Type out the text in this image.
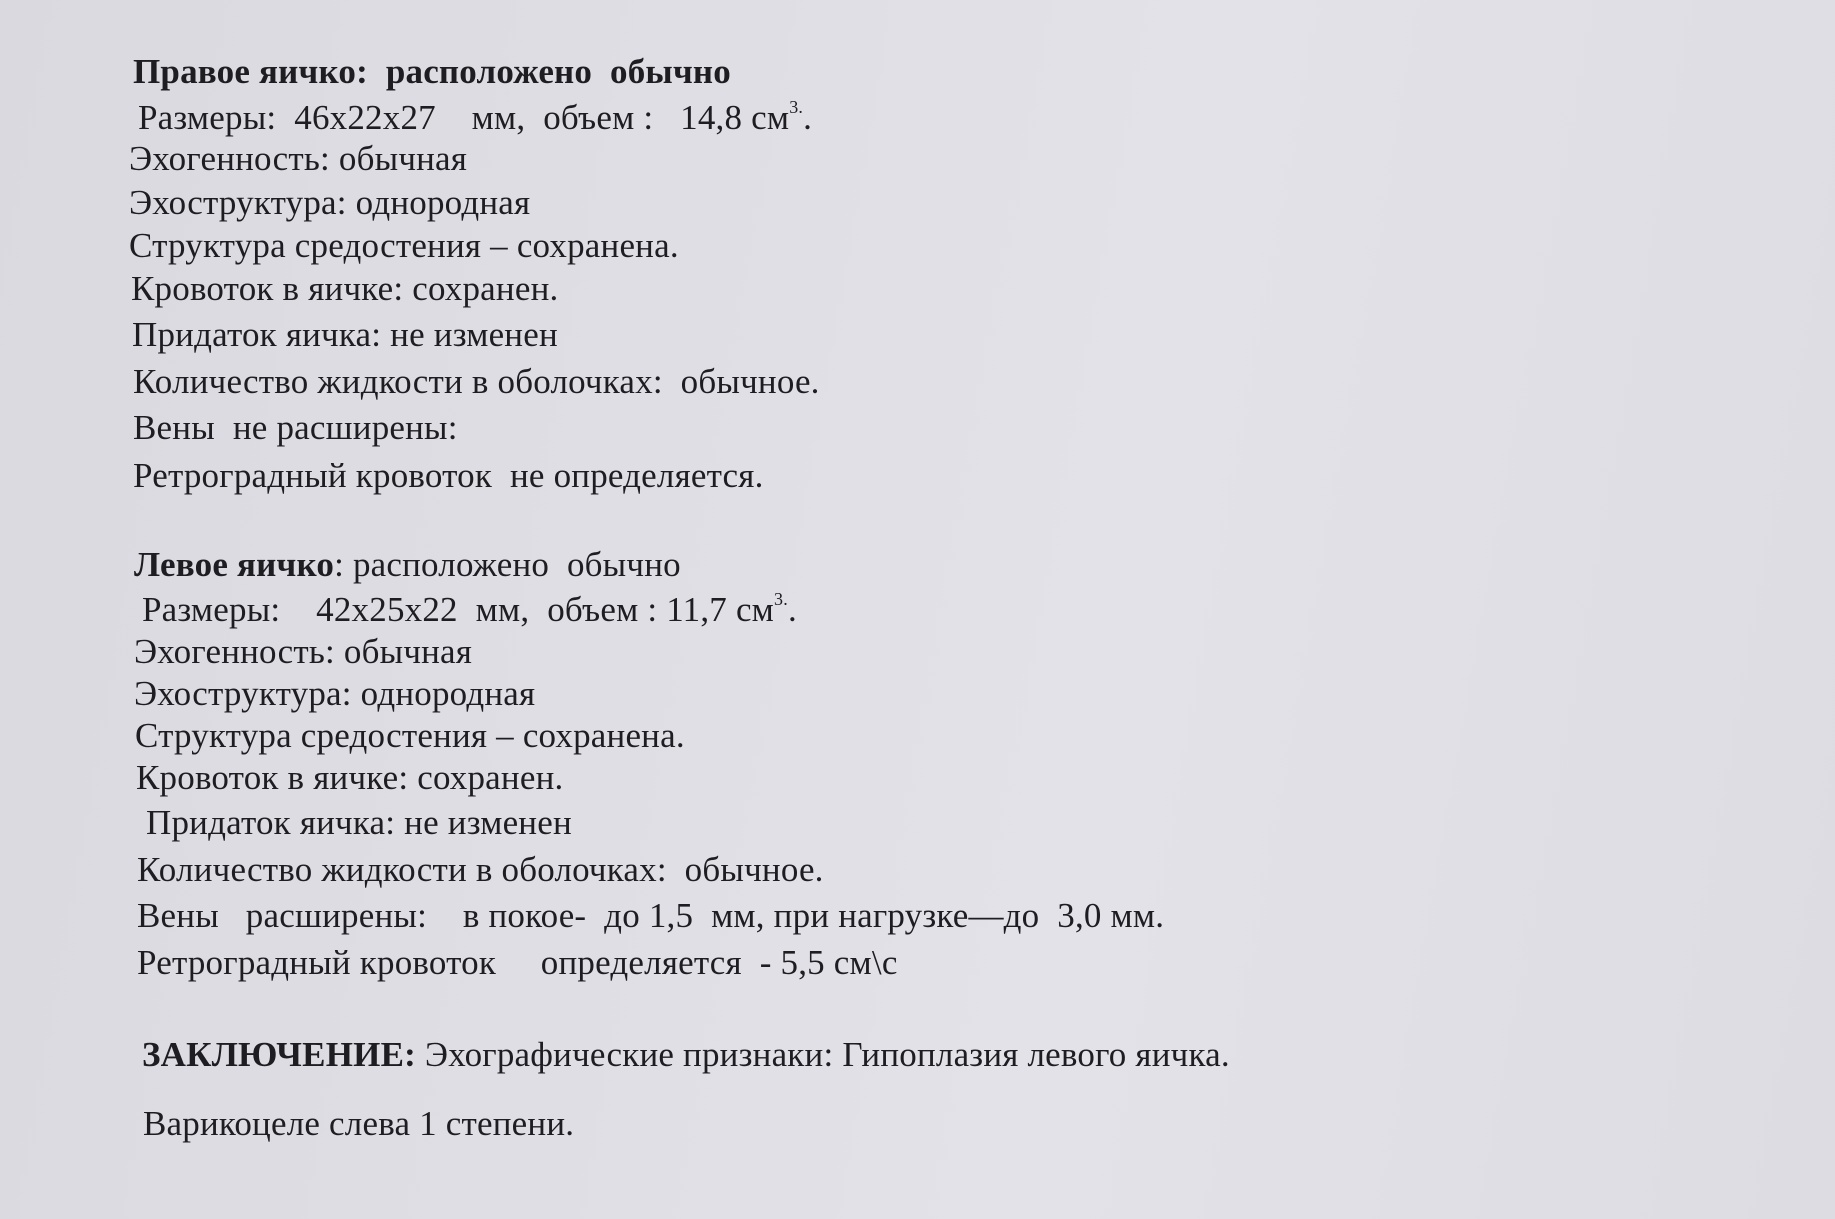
Правое яичко:  расположено  обычно
Размеры:  46х22х27    мм,  объем :   14,8 $см^{3.}$.
Эхогенность: обычная
Эхоструктура: однородная
Структура средостения – сохранена.
Кровоток в яичке: сохранен.
Придаток яичка: не изменен
Количество жидкости в оболочках:  обычное.
Вены  не расширены:
Ретроградный кровоток  не определяется.
Левое яичко: расположено  обычно
Размеры:    42х25х22  мм,  объем : 11,7 $см^{3.}$.
Эхогенность: обычная
Эхоструктура: однородная
Структура средостения – сохранена.
Кровоток в яичке: сохранен.
Придаток яичка: не изменен
Количество жидкости в оболочках:  обычное.
Вены   расширены:    в покое-  до 1,5  мм, при нагрузке—до  3,0 мм.
Ретроградный кровоток     определяется  - 5,5 см\с
ЗАКЛЮЧЕНИЕ: Эхографические признаки: Гипоплазия левого яичка.
Варикоцеле слева 1 степени.
